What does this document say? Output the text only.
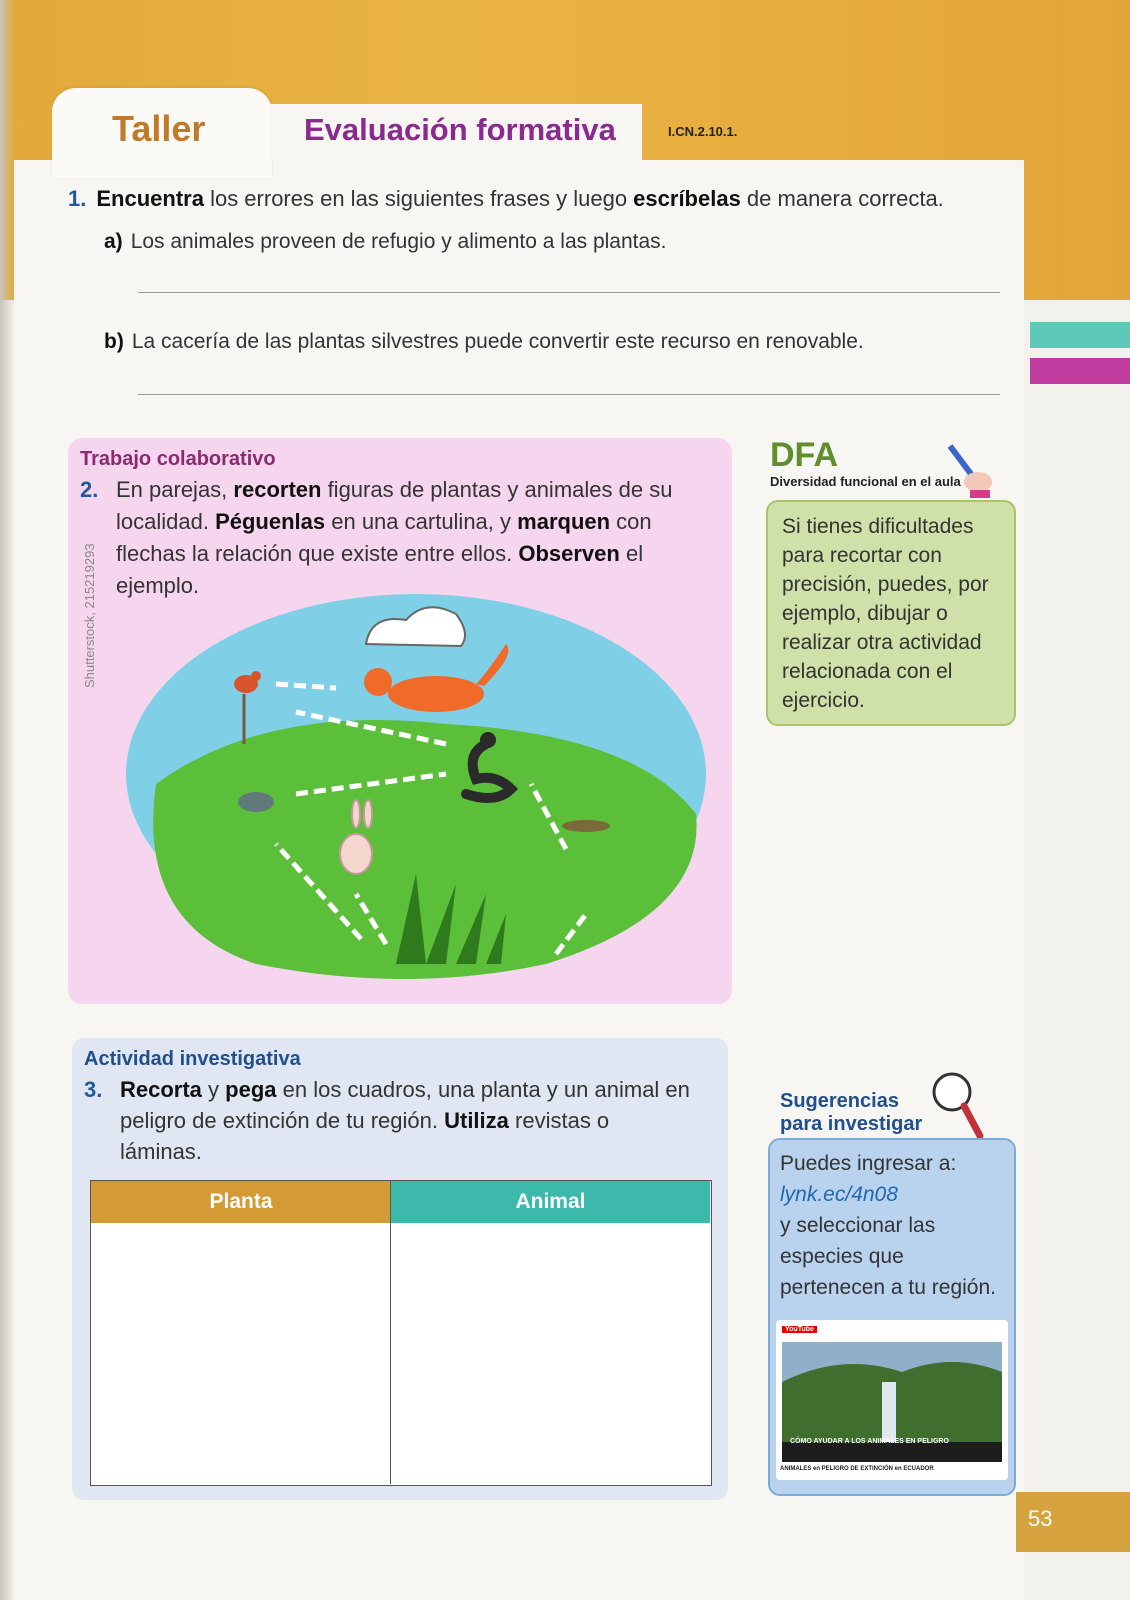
Taller	Evaluación formativa	I.CN.2.10.1.
1. Encuentra los errores en las siguientes frases y luego escríbelas de manera correcta.
a) Los animales proveen de refugio y alimento a las plantas.
b) La cacería de las plantas silvestres puede convertir este recurso en renovable.
Trabajo colaborativo
2. En parejas, recorten figuras de plantas y animales de su localidad. Péguenlas en una cartulina, y marquen con flechas la relación que existe entre ellos. Observen el ejemplo.
Shutterstock, 215219293
DFA
Diversidad funcional en el aula
Si tienes dificultades para recortar con precisión, puedes, por ejemplo, dibujar o realizar otra actividad relacionada con el ejercicio.
Actividad investigativa
3. Recorta y pega en los cuadros, una planta y un animal en peligro de extinción de tu región. Utiliza revistas o láminas.
Planta	Animal
Sugerencias
para investigar
Puedes ingresar a:
lynk.ec/4n08
y seleccionar las especies que pertenecen a tu región.
YouTube
CÓMO AYUDAR A LOS ANIMALES EN PELIGRO
ANIMALES en PELIGRO DE EXTINCIÓN en ECUADOR
53
